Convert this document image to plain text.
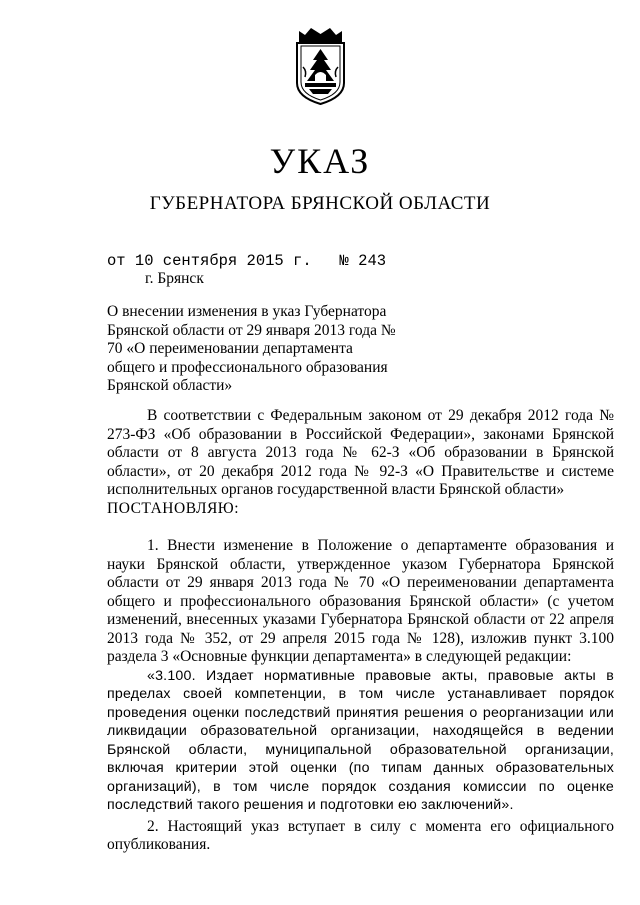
УКАЗ
ГУБЕРНАТОРА БРЯНСКОЙ ОБЛАСТИ
от 10 сентября 2015 г.   № 243
г. Брянск
О внесении изменения в указ Губернатора Брянской области от 29 января 2013 года № 70 «О переименовании департамента общего и профессионального образования Брянской области»

В соответствии с Федеральным законом от 29 декабря 2012 года № 273-ФЗ «Об образовании в Российской Федерации», законами Брянской области от 8 августа 2013 года № 62-З «Об образовании в Брянской области», от 20 декабря 2012 года № 92-З «О Правительстве и системе исполнительных органов государственной власти Брянской области»

ПОСТАНОВЛЯЮ:

1. Внести изменение в Положение о департаменте образования и науки Брянской области, утвержденное указом Губернатора Брянской области от 29 января 2013 года № 70 «О переименовании департамента общего и профессионального образования Брянской области» (с учетом изменений, внесенных указами Губернатора Брянской области от 22 апреля 2013 года № 352, от 29 апреля 2015 года № 128), изложив пункт 3.100 раздела 3 «Основные функции департамента» в следующей редакции:

«3.100. Издает нормативные правовые акты, правовые акты в пределах своей компетенции, в том числе устанавливает порядок проведения оценки последствий принятия решения о реорганизации или ликвидации образовательной организации, находящейся в ведении Брянской области, муниципальной образовательной организации, включая критерии этой оценки (по типам данных образовательных организаций), в том числе порядок создания комиссии по оценке последствий такого решения и подготовки ею заключений».

2. Настоящий указ вступает в силу с момента его официального опубликования.
